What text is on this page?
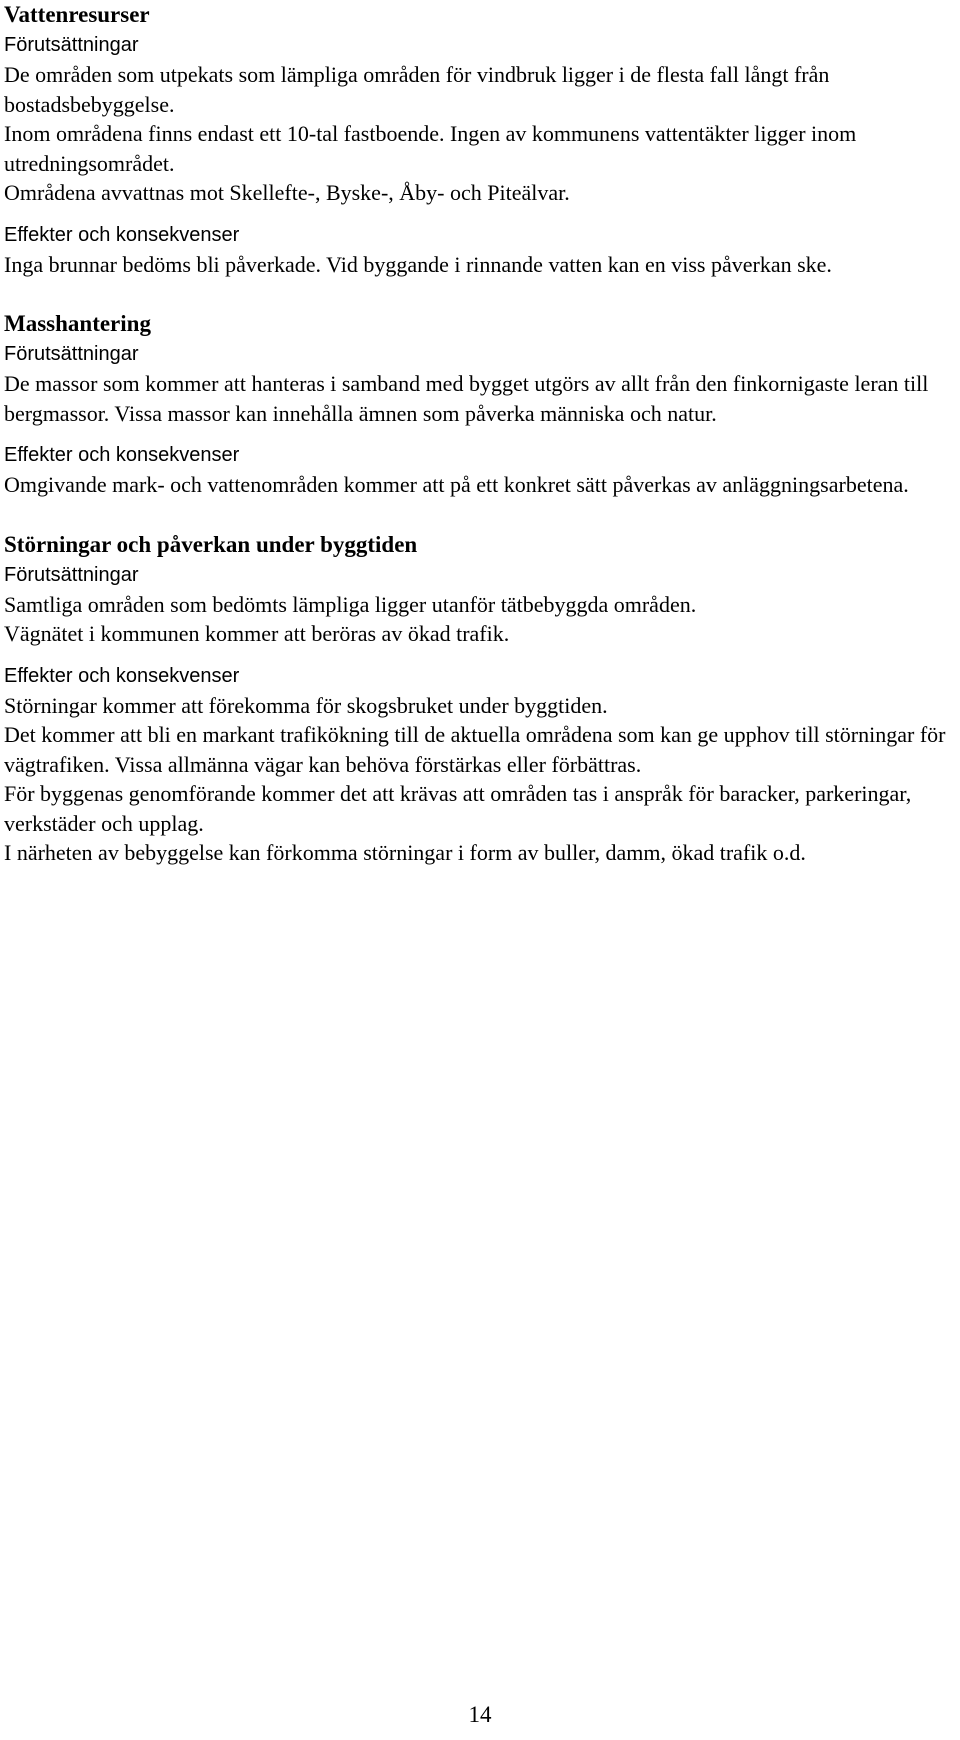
Vattenresurser

Förutsättningar

De områden som utpekats som lämpliga områden för vindbruk ligger i de flesta fall långt från bostadsbebyggelse.

Inom områdena finns endast ett 10-tal fastboende. Ingen av kommunens vattentäkter ligger inom utredningsområdet.

Områdena avvattnas mot Skellefte-, Byske-, Åby- och Piteälvar.

Effekter och konsekvenser

Inga brunnar bedöms bli påverkade. Vid byggande i rinnande vatten kan en viss påverkan ske.

Masshantering

Förutsättningar

De massor som kommer att hanteras i samband med bygget utgörs av allt från den finkornigaste leran till bergmassor. Vissa massor kan innehålla ämnen som påverka människa och natur.

Effekter och konsekvenser

Omgivande mark- och vattenområden kommer att på ett konkret sätt påverkas av anläggningsarbetena.

Störningar och påverkan under byggtiden

Förutsättningar

Samtliga områden som bedömts lämpliga ligger utanför tätbebyggda områden.

Vägnätet i kommunen kommer att beröras av ökad trafik.

Effekter och konsekvenser

Störningar kommer att förekomma för skogsbruket under byggtiden.

Det kommer att bli en markant trafikökning till de aktuella områdena som kan ge upphov till störningar för vägtrafiken. Vissa allmänna vägar kan behöva förstärkas eller förbättras.

För byggenas genomförande kommer det att krävas att områden tas i anspråk för baracker, parkeringar, verkstäder och upplag.

I närheten av bebyggelse kan förkomma störningar i form av buller, damm, ökad trafik o.d.

14
